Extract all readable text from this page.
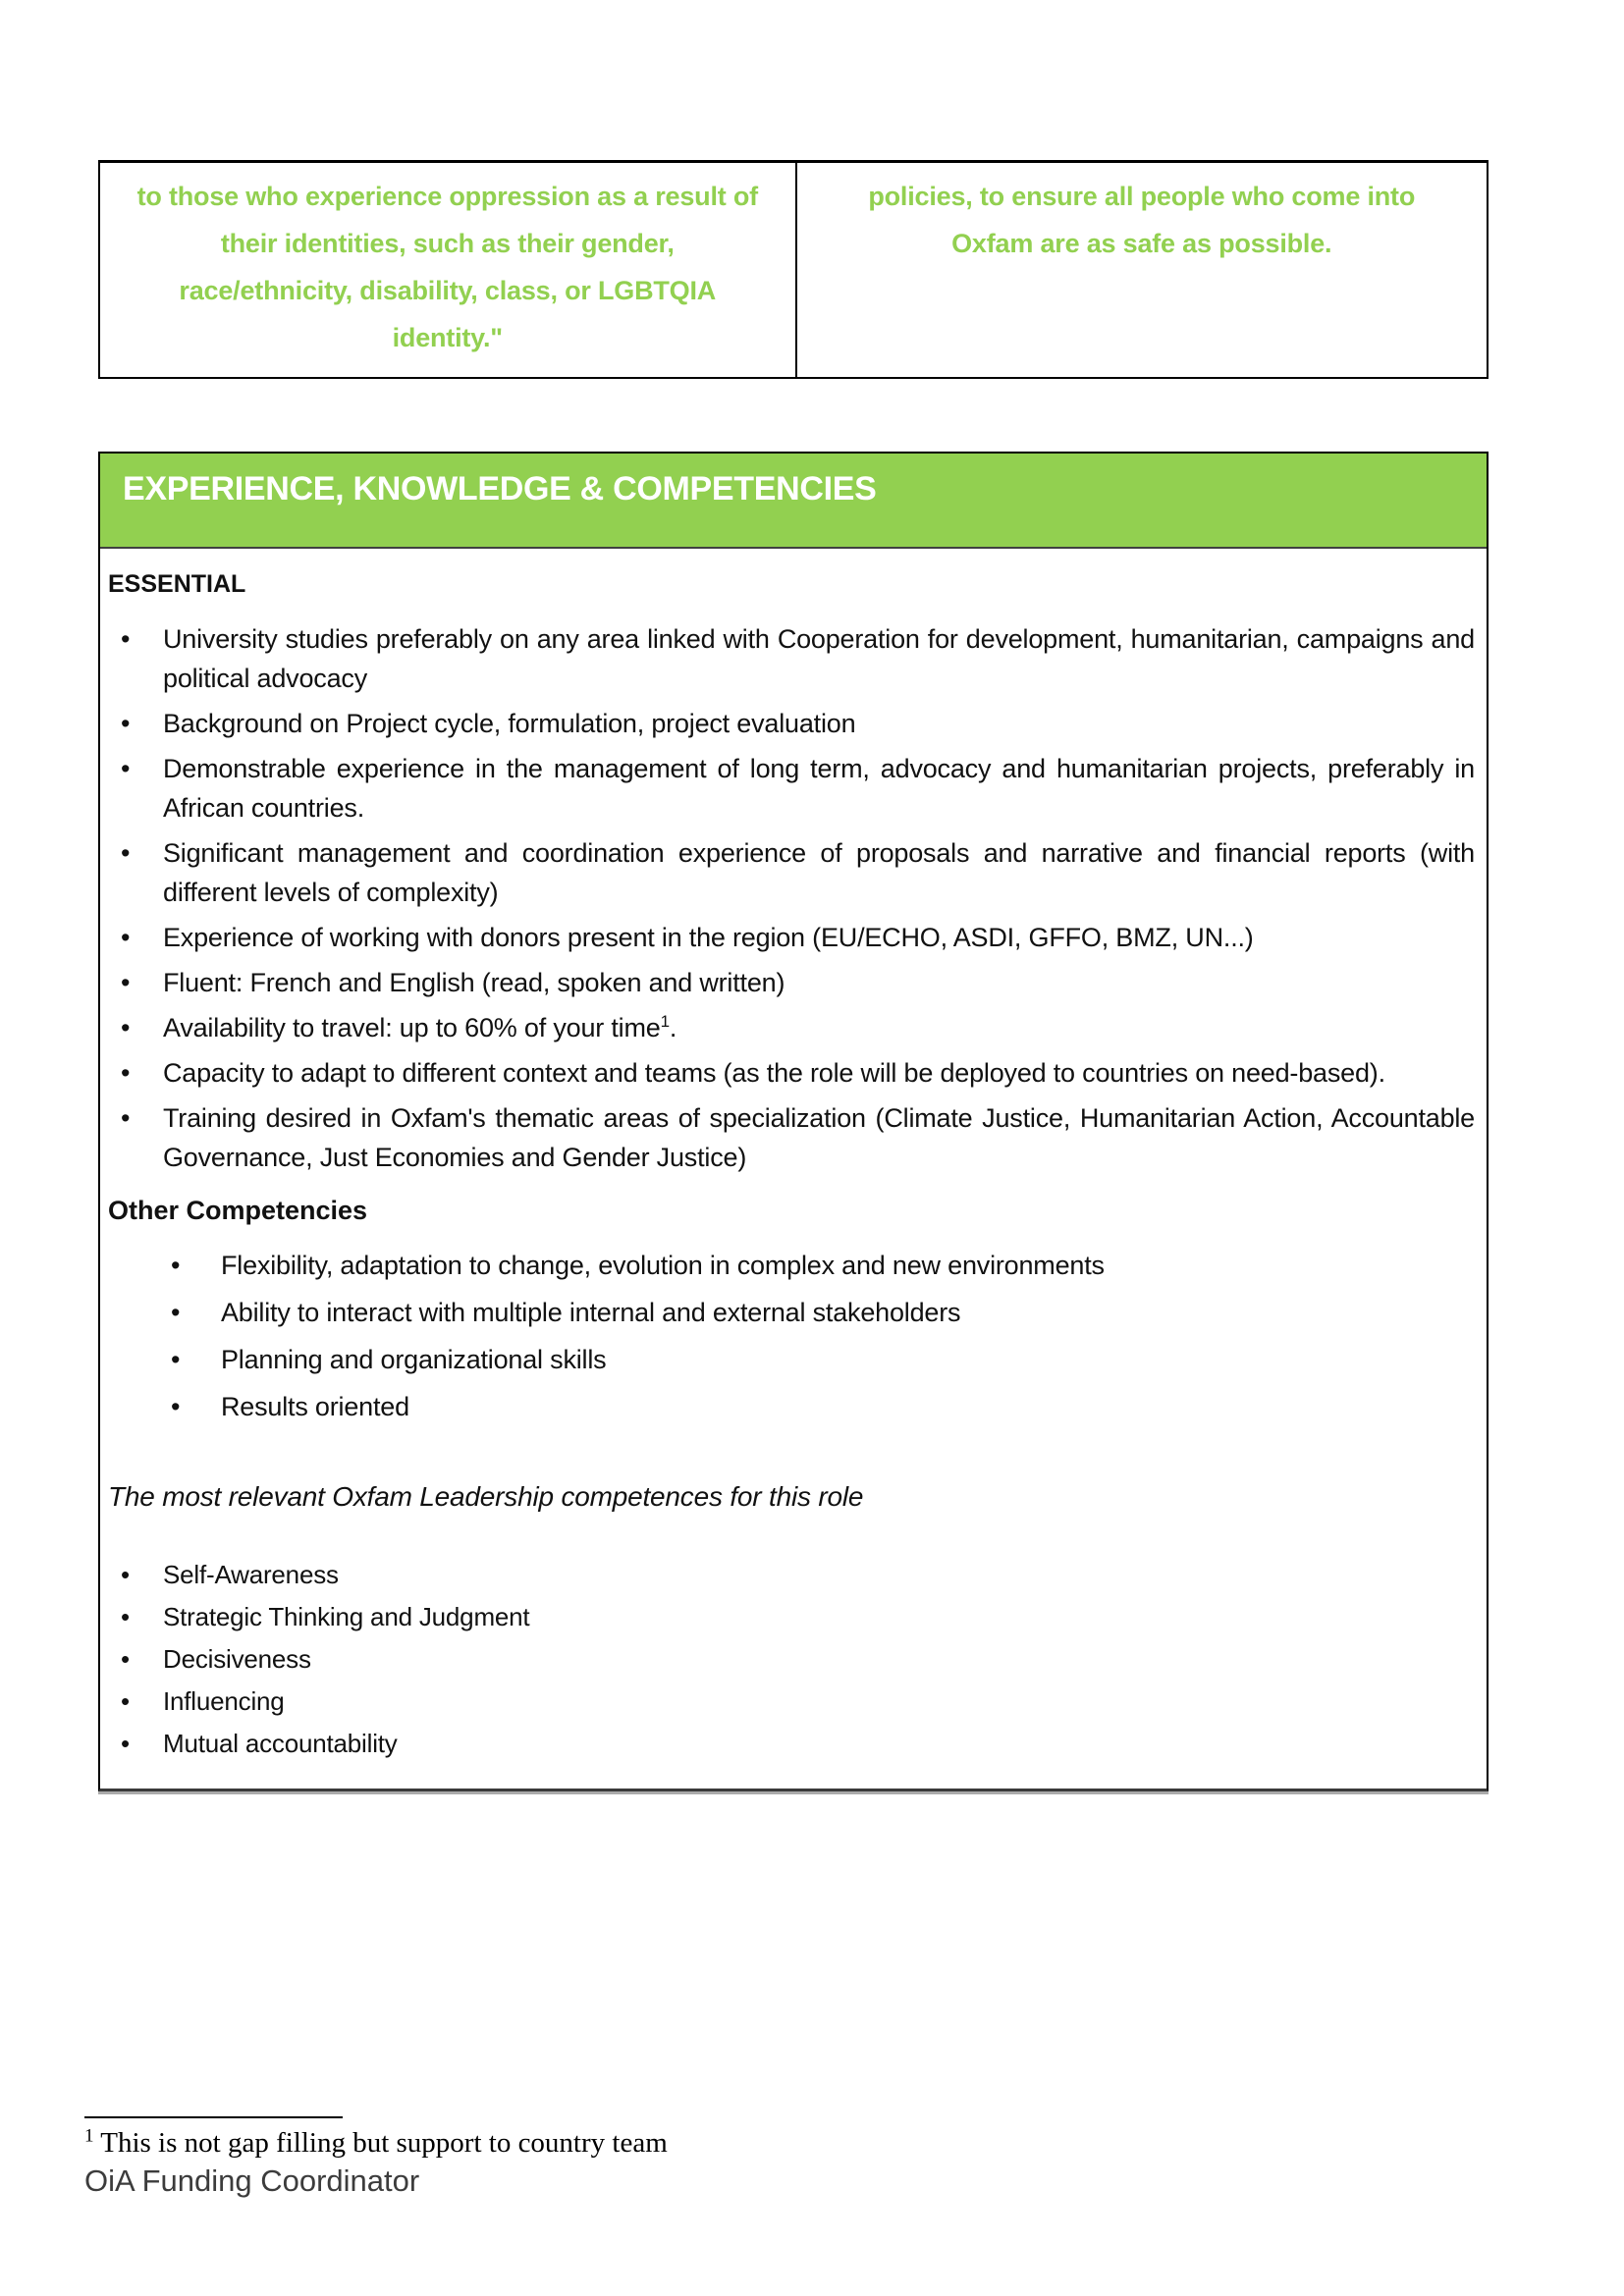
to those who experience oppression as a result of their identities, such as their gender, race/ethnicity, disability, class, or LGBTQIA identity."
policies, to ensure all people who come into Oxfam are as safe as possible.
EXPERIENCE, KNOWLEDGE & COMPETENCIES

ESSENTIAL

• University studies preferably on any area linked with Cooperation for development, humanitarian, campaigns and political advocacy
• Background on Project cycle, formulation, project evaluation
• Demonstrable experience in the management of long term, advocacy and humanitarian projects, preferably in African countries.
• Significant management and coordination experience of proposals and narrative and financial reports (with different levels of complexity)
• Experience of working with donors present in the region (EU/ECHO, ASDI, GFFO, BMZ, UN...)
• Fluent: French and English (read, spoken and written)
• Availability to travel: up to 60% of your time$^1$.
• Capacity to adapt to different context and teams (as the role will be deployed to countries on need-based).
• Training desired in Oxfam's thematic areas of specialization (Climate Justice, Humanitarian Action, Accountable Governance, Just Economies and Gender Justice)

Other Competencies

• Flexibility, adaptation to change, evolution in complex and new environments
• Ability to interact with multiple internal and external stakeholders
• Planning and organizational skills
• Results oriented

The most relevant Oxfam Leadership competences for this role

• Self-Awareness
• Strategic Thinking and Judgment
• Decisiveness
• Influencing
• Mutual accountability

$^1$ This is not gap filling but support to country team

OiA Funding Coordinator
